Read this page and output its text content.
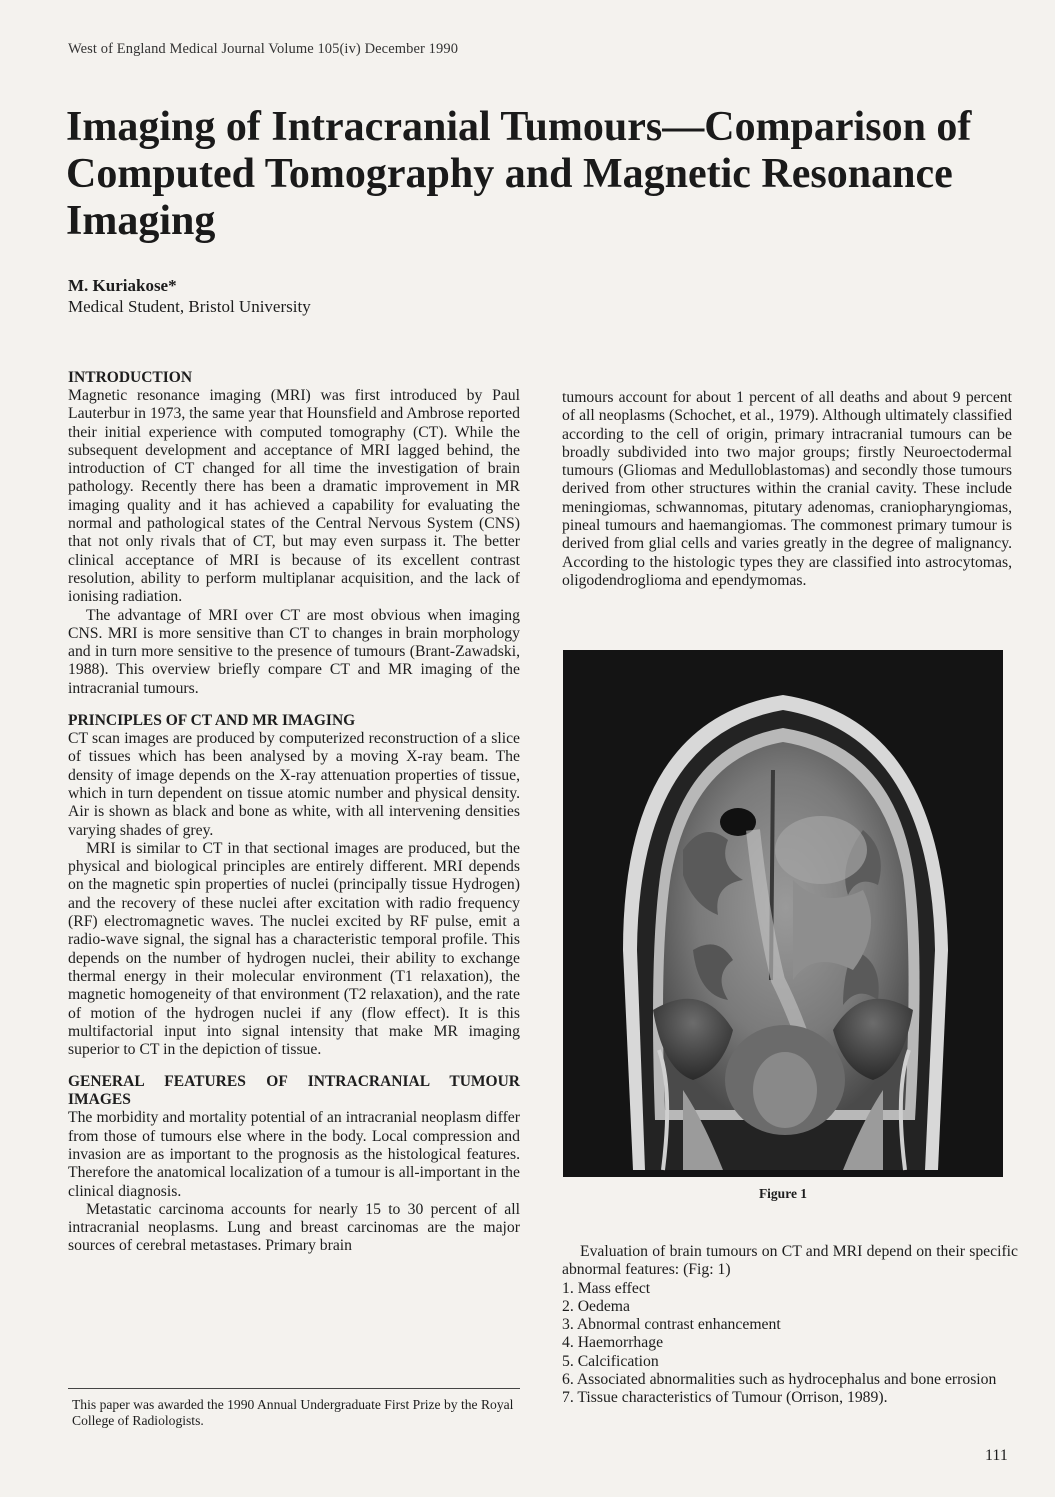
West of England Medical Journal Volume 105(iv) December 1990
Imaging of Intracranial Tumours—Comparison of Computed Tomography and Magnetic Resonance Imaging
M. Kuriakose*
Medical Student, Bristol University
INTRODUCTION

Magnetic resonance imaging (MRI) was first introduced by Paul Lauterbur in 1973, the same year that Hounsfield and Ambrose reported their initial experience with computed tomography (CT). While the subsequent development and acceptance of MRI lagged behind, the introduction of CT changed for all time the investigation of brain pathology. Recently there has been a dramatic improvement in MR imaging quality and it has achieved a capability for evaluating the normal and pathological states of the Central Nervous System (CNS) that not only rivals that of CT, but may even surpass it. The better clinical acceptance of MRI is because of its excellent contrast resolution, ability to perform multiplanar acquisition, and the lack of ionising radiation.

The advantage of MRI over CT are most obvious when imaging CNS. MRI is more sensitive than CT to changes in brain morphology and in turn more sensitive to the presence of tumours (Brant-Zawadski, 1988). This overview briefly compare CT and MR imaging of the intracranial tumours.

PRINCIPLES OF CT AND MR IMAGING

CT scan images are produced by computerized reconstruction of a slice of tissues which has been analysed by a moving X-ray beam. The density of image depends on the X-ray attenuation properties of tissue, which in turn dependent on tissue atomic number and physical density. Air is shown as black and bone as white, with all intervening densities varying shades of grey.

MRI is similar to CT in that sectional images are produced, but the physical and biological principles are entirely different. MRI depends on the magnetic spin properties of nuclei (principally tissue Hydrogen) and the recovery of these nuclei after excitation with radio frequency (RF) electromagnetic waves. The nuclei excited by RF pulse, emit a radio-wave signal, the signal has a characteristic temporal profile. This depends on the number of hydrogen nuclei, their ability to exchange thermal energy in their molecular environment (T1 relaxation), the magnetic homogeneity of that environment (T2 relaxation), and the rate of motion of the hydrogen nuclei if any (flow effect). It is this multifactorial input into signal intensity that make MR imaging superior to CT in the depiction of tissue.

GENERAL FEATURES OF INTRACRANIAL TUMOUR IMAGES

The morbidity and mortality potential of an intracranial neoplasm differ from those of tumours else where in the body. Local compression and invasion are as important to the prognosis as the histological features. Therefore the anatomical localization of a tumour is all-important in the clinical diagnosis.

Metastatic carcinoma accounts for nearly 15 to 30 percent of all intracranial neoplasms. Lung and breast carcinomas are the major sources of cerebral metastases. Primary brain

This paper was awarded the 1990 Annual Undergraduate First Prize by the Royal College of Radiologists.

tumours account for about 1 percent of all deaths and about 9 percent of all neoplasms (Schochet, et al., 1979). Although ultimately classified according to the cell of origin, primary intracranial tumours can be broadly subdivided into two major groups; firstly Neuroectodermal tumours (Gliomas and Medulloblastomas) and secondly those tumours derived from other structures within the cranial cavity. These include meningiomas, schwannomas, pitutary adenomas, craniopharyngiomas, pineal tumours and haemangiomas. The commonest primary tumour is derived from glial cells and varies greatly in the degree of malignancy. According to the histologic types they are classified into astrocytomas, oligodendroglioma and ependymomas.

Figure 1

Evaluation of brain tumours on CT and MRI depend on their specific abnormal features: (Fig: 1)

1. Mass effect
2. Oedema
3. Abnormal contrast enhancement
4. Haemorrhage
5. Calcification
6. Associated abnormalities such as hydrocephalus and bone errosion
7. Tissue characteristics of Tumour (Orrison, 1989).
111
